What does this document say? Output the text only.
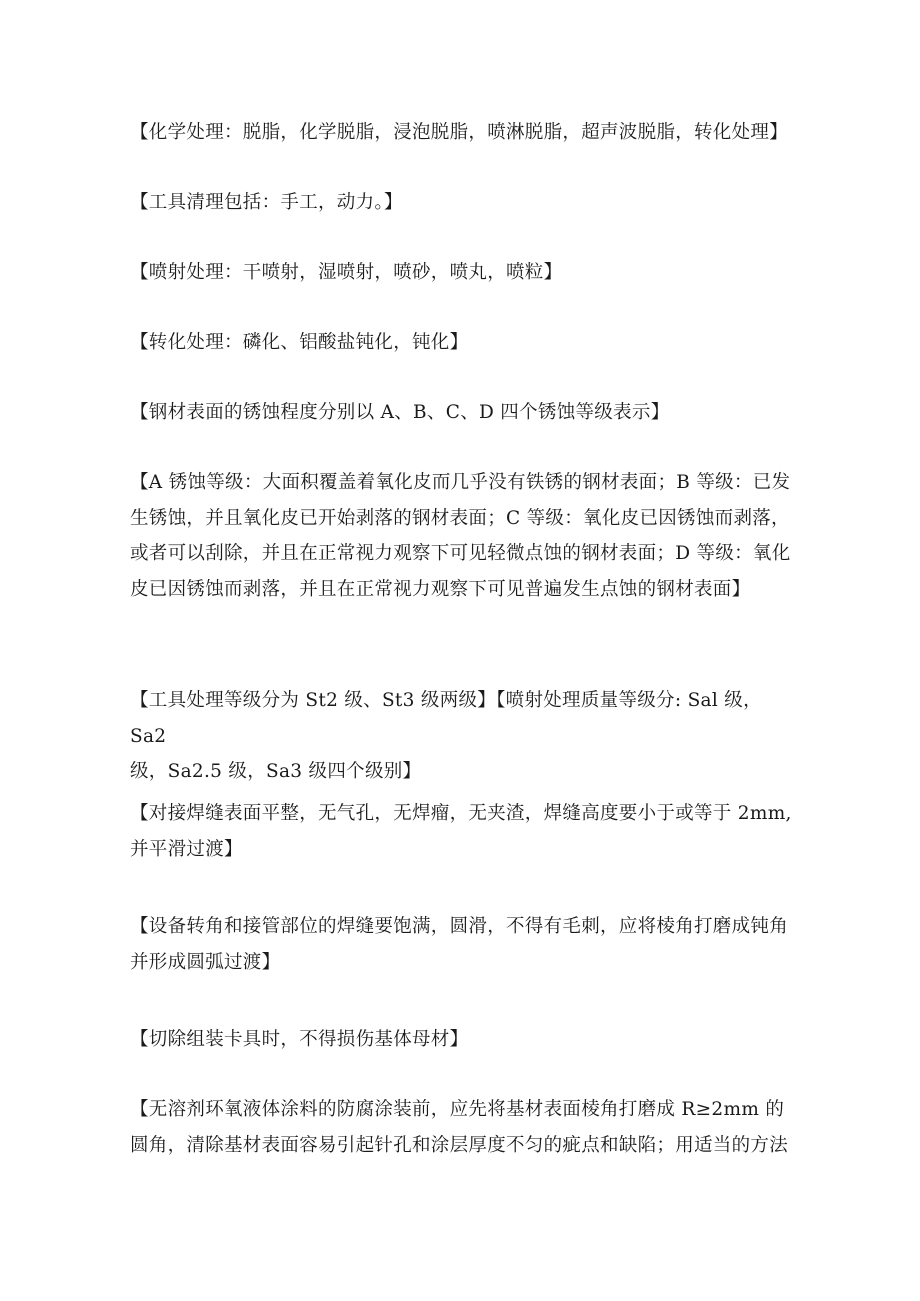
【化学处理：脱脂，化学脱脂，浸泡脱脂，喷淋脱脂，超声波脱脂，转化处理】

【工具清理包括：手工，动力。】

【喷射处理：干喷射，湿喷射，喷砂，喷丸，喷粒】

【转化处理：磷化、铝酸盐钝化，钝化】

【钢材表面的锈蚀程度分别以 A、B、C、D 四个锈蚀等级表示】

【A 锈蚀等级：大面积覆盖着氧化皮而几乎没有铁锈的钢材表面；B 等级：已发
生锈蚀，并且氧化皮已开始剥落的钢材表面；C 等级：氧化皮已因锈蚀而剥落，
或者可以刮除，并且在正常视力观察下可见轻微点蚀的钢材表面；D 等级：氧化
皮已因锈蚀而剥落，并且在正常视力观察下可见普遍发生点蚀的钢材表面】

【工具处理等级分为 St2 级、St3 级两级】【喷射处理质量等级分: Sal 级，Sa2
级，Sa2.5 级，Sa3 级四个级别】

【对接焊缝表面平整，无气孔，无焊瘤，无夹渣，焊缝高度要小于或等于 2mm,
并平滑过渡】

【设备转角和接管部位的焊缝要饱满，圆滑，不得有毛刺，应将棱角打磨成钝角
并形成圆弧过渡】

【切除组装卡具时，不得损伤基体母材】

【无溶剂环氧液体涂料的防腐涂装前，应先将基材表面棱角打磨成 R≥2mm 的
圆角，清除基材表面容易引起针孔和涂层厚度不匀的疵点和缺陷；用适当的方法
